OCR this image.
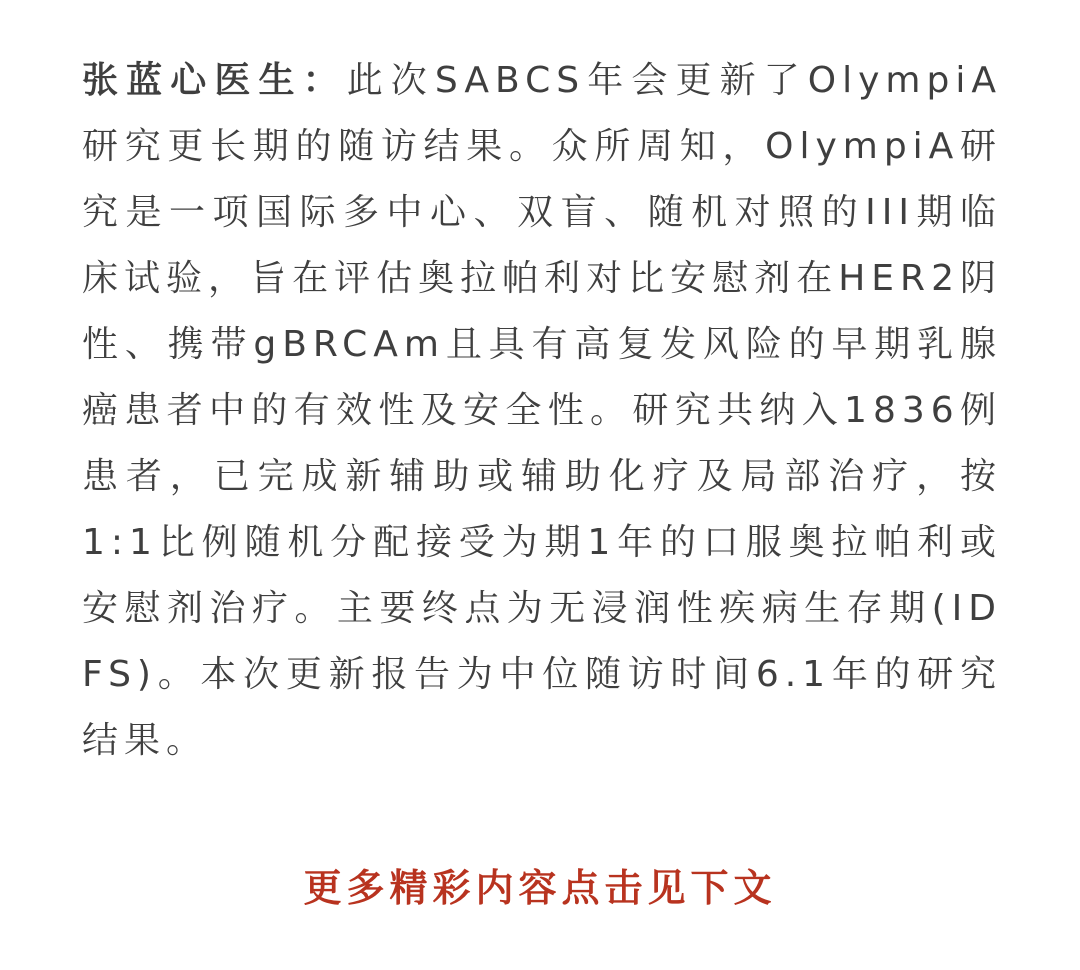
张蓝心医生：此次SABCS年会更新了OlympiA研究更长期的随访结果。众所周知，OlympiA研究是一项国际多中心、双盲、随机对照的III期临床试验，旨在评估奥拉帕利对比安慰剂在HER2阴性、携带gBRCAm且具有高复发风险的早期乳腺癌患者中的有效性及安全性。研究共纳入1836例患者，已完成新辅助或辅助化疗及局部治疗，按1:1比例随机分配接受为期1年的口服奥拉帕利或安慰剂治疗。主要终点为无浸润性疾病生存期(IDFS)。本次更新报告为中位随访时间6.1年的研究结果。

更多精彩内容点击见下文
